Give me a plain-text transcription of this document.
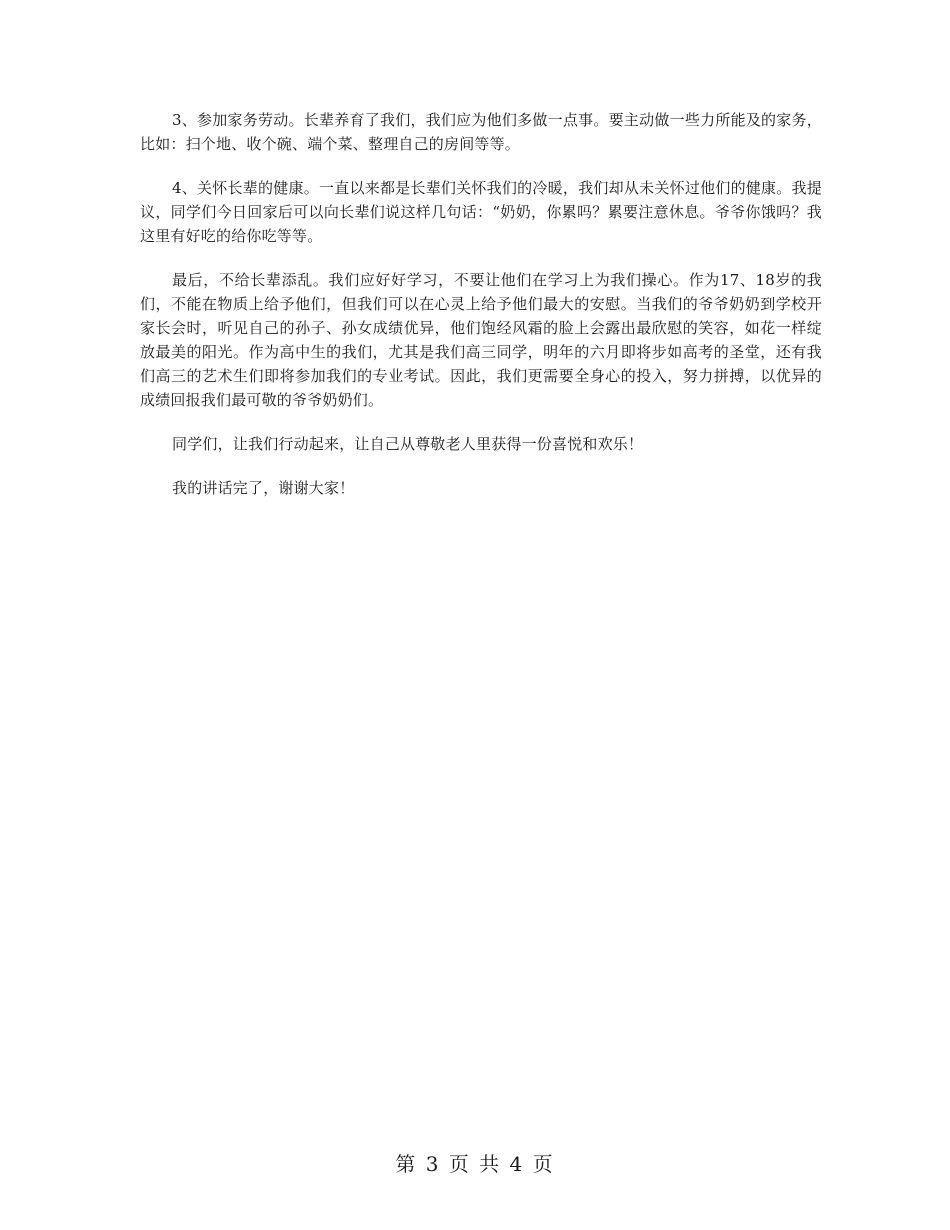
3、参加家务劳动。长辈养育了我们，我们应为他们多做一点事。要主动做一些力所能及的家务，比如：扫个地、收个碗、端个菜、整理自己的房间等等。

4、关怀长辈的健康。一直以来都是长辈们关怀我们的冷暖，我们却从未关怀过他们的健康。我提议，同学们今日回家后可以向长辈们说这样几句话：“奶奶，你累吗？累要注意休息。爷爷你饿吗？我这里有好吃的给你吃等等。

最后，不给长辈添乱。我们应好好学习，不要让他们在学习上为我们操心。作为17、18岁的我们，不能在物质上给予他们，但我们可以在心灵上给予他们最大的安慰。当我们的爷爷奶奶到学校开家长会时，听见自己的孙子、孙女成绩优异，他们饱经风霜的脸上会露出最欣慰的笑容，如花一样绽放最美的阳光。作为高中生的我们，尤其是我们高三同学，明年的六月即将步如高考的圣堂，还有我们高三的艺术生们即将参加我们的专业考试。因此，我们更需要全身心的投入，努力拼搏，以优异的成绩回报我们最可敬的爷爷奶奶们。

同学们，让我们行动起来，让自己从尊敬老人里获得一份喜悦和欢乐！

我的讲话完了，谢谢大家！

第 3 页 共 4 页
